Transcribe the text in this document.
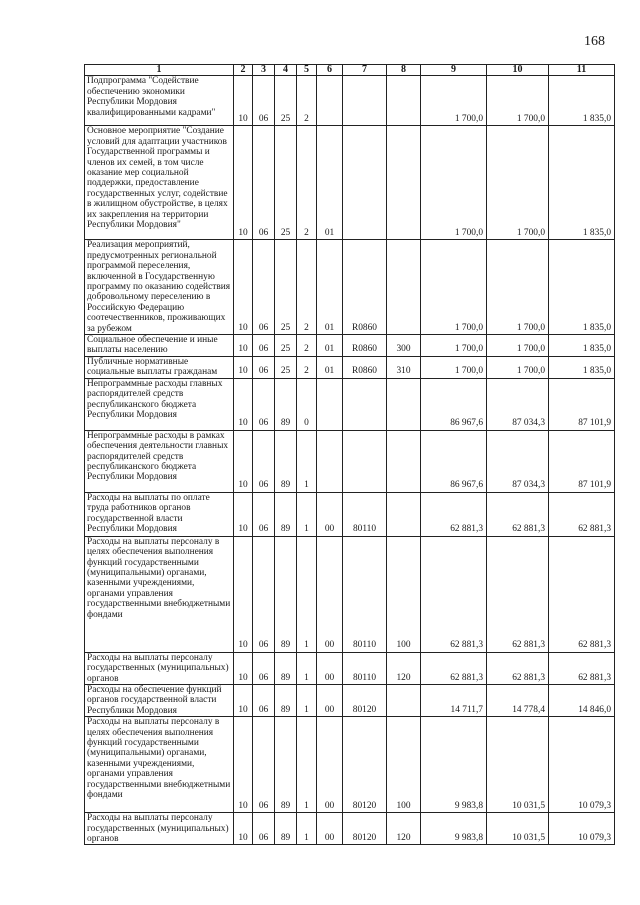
168
1	2	3	4	5	6	7	8	9	10	11
Подпрограмма "Содействие обеспечению экономики Республики Мордовия квалифицированными кадрами"	10	06	25	2				1 700,0	1 700,0	1 835,0
Основное мероприятие "Создание условий для адаптации участников Государственной программы и членов их семей, в том числе оказание мер социальной поддержки, предоставление государственных услуг, содействие в жилищном обустройстве, в целях их закрепления на территории Республики Мордовия"	10	06	25	2	01			1 700,0	1 700,0	1 835,0
Реализация мероприятий, предусмотренных региональной программой переселения, включенной в Государственную программу по оказанию содействия добровольному переселению в Российскую Федерацию соотечественников, проживающих за рубежом	10	06	25	2	01	R0860		1 700,0	1 700,0	1 835,0
Социальное обеспечение и иные выплаты населению	10	06	25	2	01	R0860	300	1 700,0	1 700,0	1 835,0
Публичные нормативные социальные выплаты гражданам	10	06	25	2	01	R0860	310	1 700,0	1 700,0	1 835,0
Непрограммные расходы главных распорядителей средств республиканского бюджета Республики Мордовия	10	06	89	0				86 967,6	87 034,3	87 101,9
Непрограммные расходы в рамках обеспечения деятельности главных распорядителей средств республиканского бюджета Республики Мордовия	10	06	89	1				86 967,6	87 034,3	87 101,9
Расходы на выплаты по оплате труда работников органов государственной власти Республики Мордовия	10	06	89	1	00	80110		62 881,3	62 881,3	62 881,3
Расходы на выплаты персоналу в целях обеспечения выполнения функций государственными (муниципальными) органами, казенными учреждениями, органами управления государственными внебюджетными фондами	10	06	89	1	00	80110	100	62 881,3	62 881,3	62 881,3
Расходы на выплаты персоналу государственных (муниципальных) органов	10	06	89	1	00	80110	120	62 881,3	62 881,3	62 881,3
Расходы на обеспечение функций органов государственной власти Республики Мордовия	10	06	89	1	00	80120		14 711,7	14 778,4	14 846,0
Расходы на выплаты персоналу в целях обеспечения выполнения функций государственными (муниципальными) органами, казенными учреждениями, органами управления государственными внебюджетными фондами	10	06	89	1	00	80120	100	9 983,8	10 031,5	10 079,3
Расходы на выплаты персоналу государственных (муниципальных) органов	10	06	89	1	00	80120	120	9 983,8	10 031,5	10 079,3
